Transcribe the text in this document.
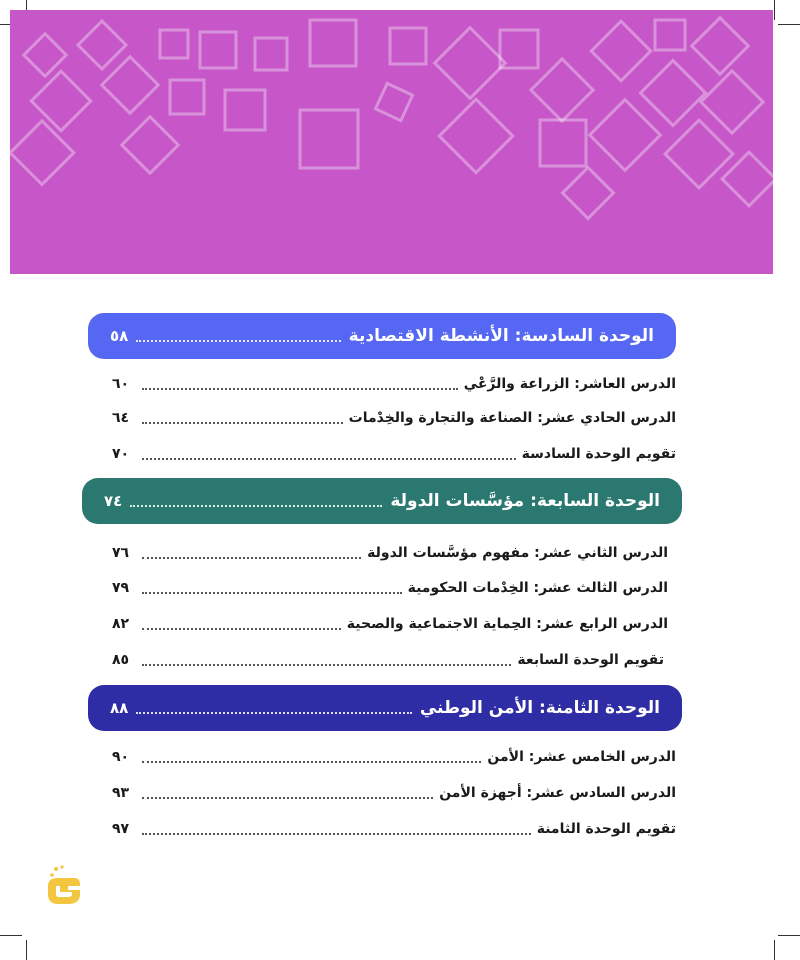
الوحدة السادسة: الأنشطة الاقتصادية
٥٨
الدرس العاشر: الزراعة والرَّعْي
٦٠
الدرس الحادي عشر: الصناعة والتجارة والخِدْمات
٦٤
تقويم الوحدة السادسة
٧٠
الوحدة السابعة: مؤسَّسات الدولة
٧٤
الدرس الثاني عشر: مفهوم مؤسَّسات الدولة
٧٦
الدرس الثالث عشر: الخِدْمات الحكومية
٧٩
الدرس الرابع عشر: الحِماية الاجتماعية والصحية
٨٢
تقويم الوحدة السابعة
٨٥
الوحدة الثامنة: الأمن الوطني
٨٨
الدرس الخامس عشر: الأمن
٩٠
الدرس السادس عشر: أجهزة الأمن
٩٣
تقويم الوحدة الثامنة
٩٧
